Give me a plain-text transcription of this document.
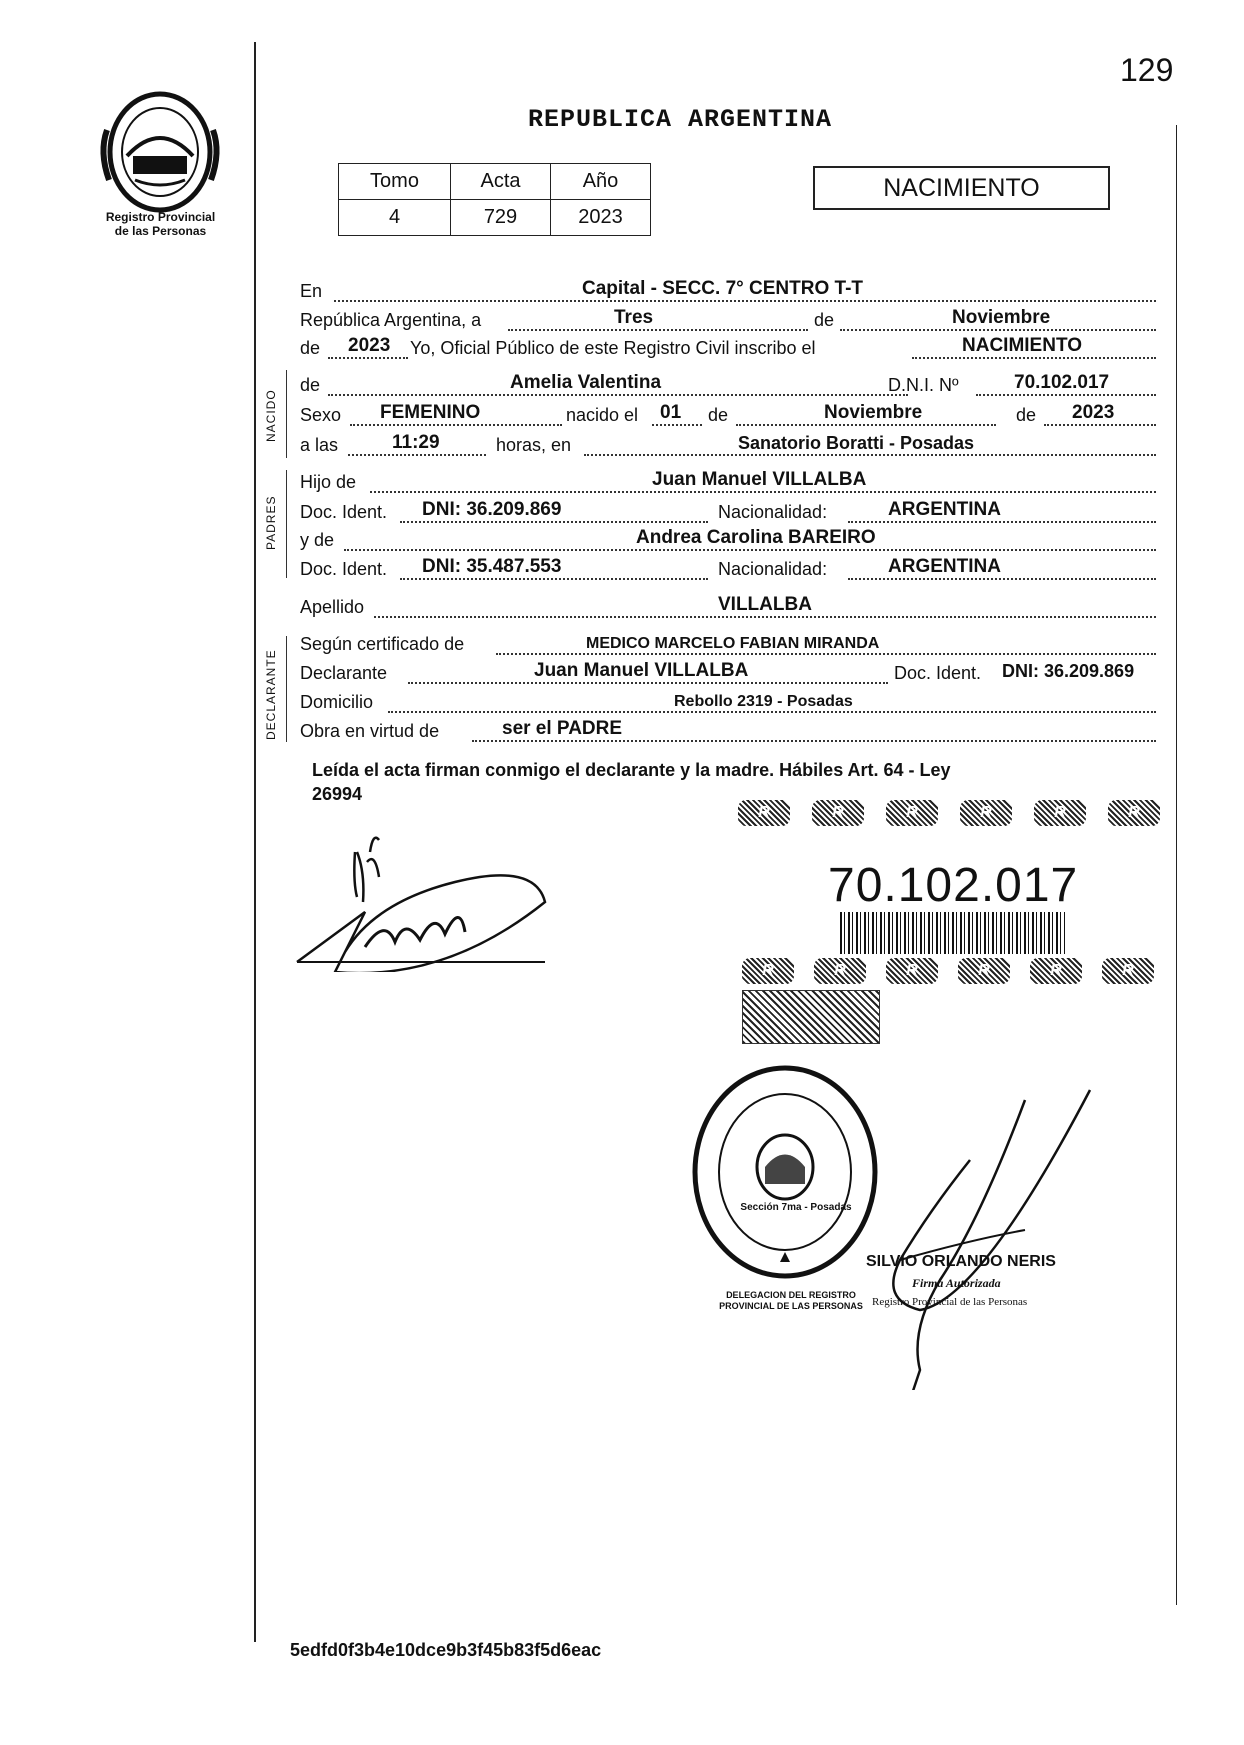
129
Registro Provincial
de las Personas
REPUBLICA ARGENTINA
Tomo	Acta	Año
4	729	2023
NACIMIENTO
NACIDO
PADRES
DECLARANTE
En	Capital - SECC. 7° CENTRO T-T
República Argentina, a	Tres	de	Noviembre
de 2023 Yo, Oficial Público de este Registro Civil inscribo el	NACIMIENTO
de	Amelia Valentina	D.N.I. Nº	70.102.017
Sexo FEMENINO	nacido el 01 de	Noviembre	de 2023
a las	11:29	horas, en	Sanatorio Boratti - Posadas
Hijo de	Juan Manuel VILLALBA
Doc. Ident. DNI: 36.209.869	Nacionalidad:	ARGENTINA
y de	Andrea Carolina BAREIRO
Doc. Ident. DNI: 35.487.553	Nacionalidad:	ARGENTINA
Apellido	VILLALBA
Según certificado de	MEDICO MARCELO FABIAN MIRANDA
Declarante	Juan Manuel VILLALBA	Doc. Ident. DNI: 36.209.869
Domicilio	Rebollo 2319 - Posadas
Obra en virtud de	ser el PADRE
Leída el acta firman conmigo el declarante y la madre. Hábiles Art. 64 - Ley
26994
R	R	R	R	R	R
70.102.017
R	R	R	R	R	R
DELEGACION DEL REGISTRO PROVINCIAL DE LAS PERSONAS
Sección 7ma - Posadas
SILVIO ORLANDO NERIS
Firma Autorizada
Registro Provincial de las Personas
5edfd0f3b4e10dce9b3f45b83f5d6eac
